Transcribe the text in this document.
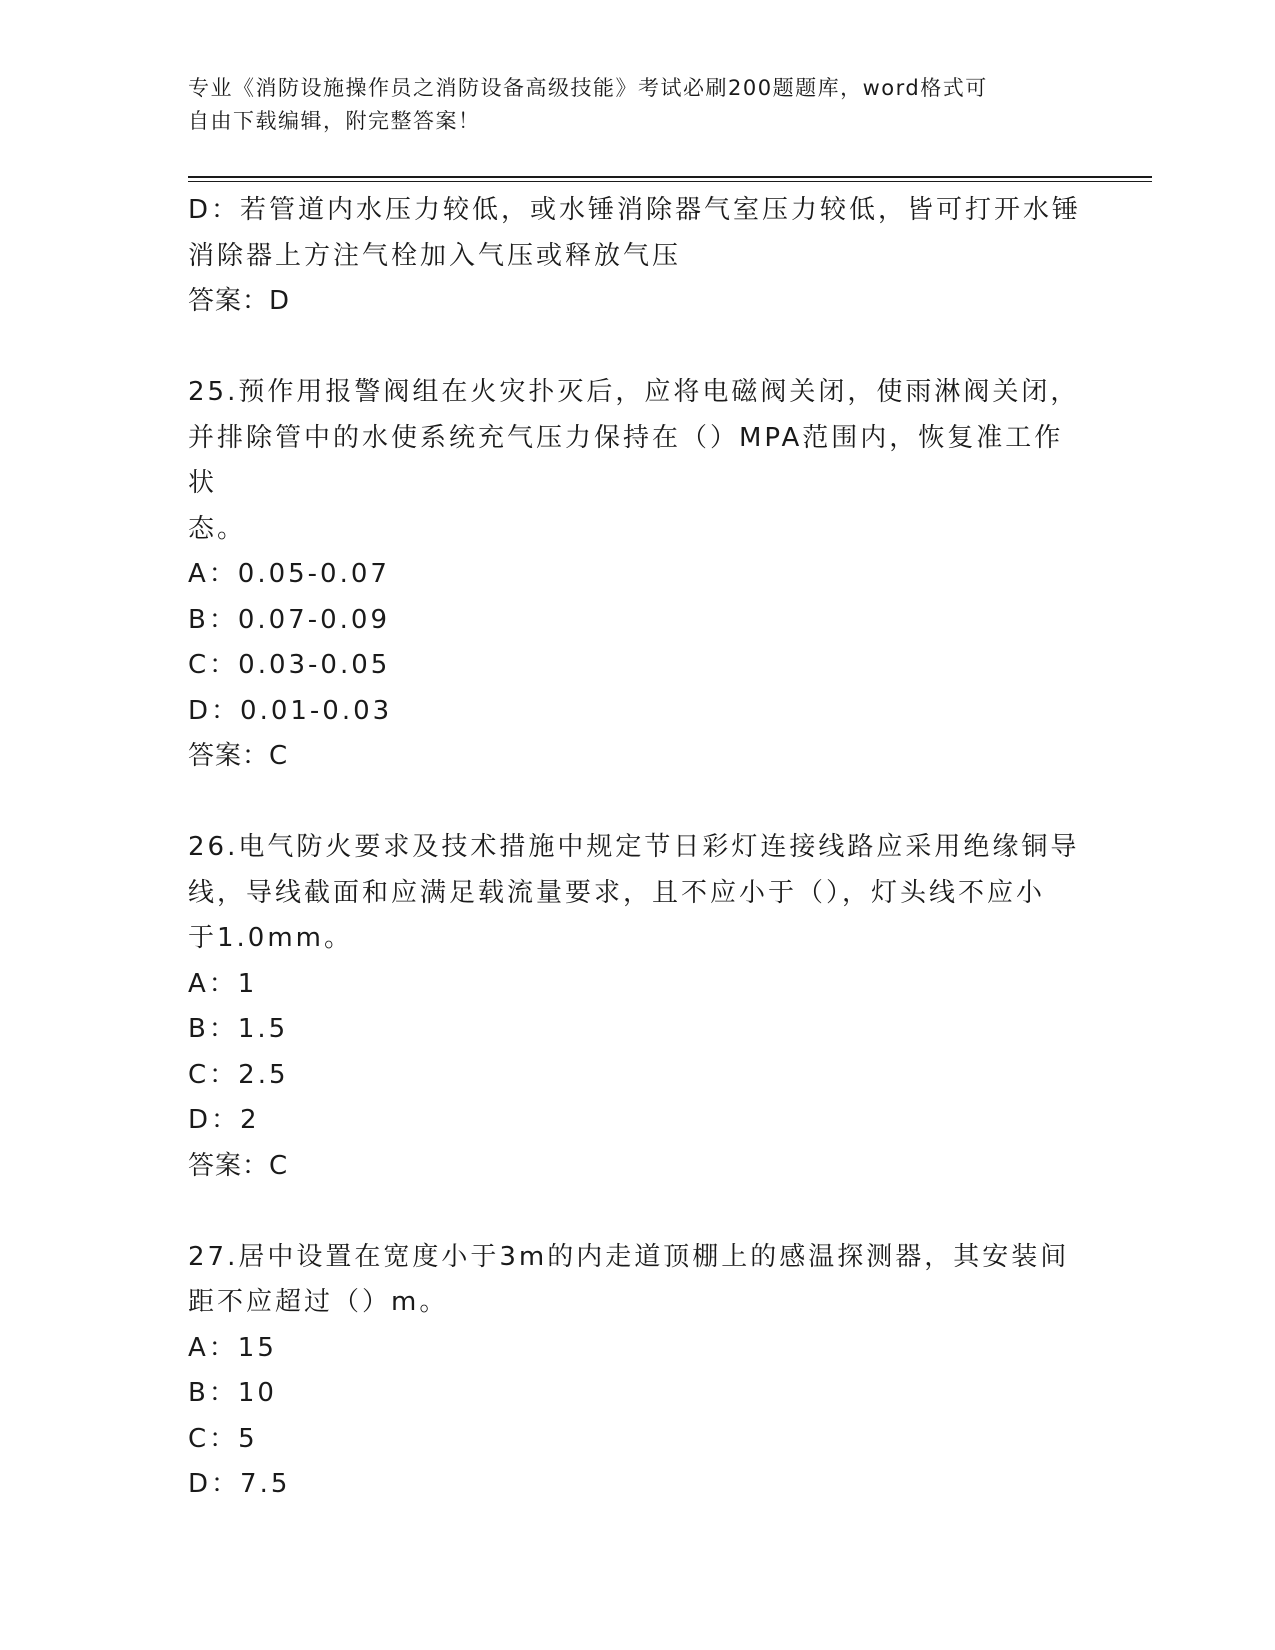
专业《消防设施操作员之消防设备高级技能》考试必刷200题题库，word格式可
自由下载编辑，附完整答案！
D：若管道内水压力较低，或水锤消除器气室压力较低，皆可打开水锤
消除器上方注气栓加入气压或释放气压
答案：D
25.预作用报警阀组在火灾扑灭后，应将电磁阀关闭，使雨淋阀关闭，
并排除管中的水使系统充气压力保持在（）MPA范围内，恢复准工作状
态。
A：0.05-0.07
B：0.07-0.09
C：0.03-0.05
D：0.01-0.03
答案：C
26.电气防火要求及技术措施中规定节日彩灯连接线路应采用绝缘铜导
线，导线截面和应满足载流量要求，且不应小于（），灯头线不应小
于1.0mm。
A：1
B：1.5
C：2.5
D：2
答案：C
27.居中设置在宽度小于3m的内走道顶棚上的感温探测器，其安装间
距不应超过（）m。
A：15
B：10
C：5
D：7.5
